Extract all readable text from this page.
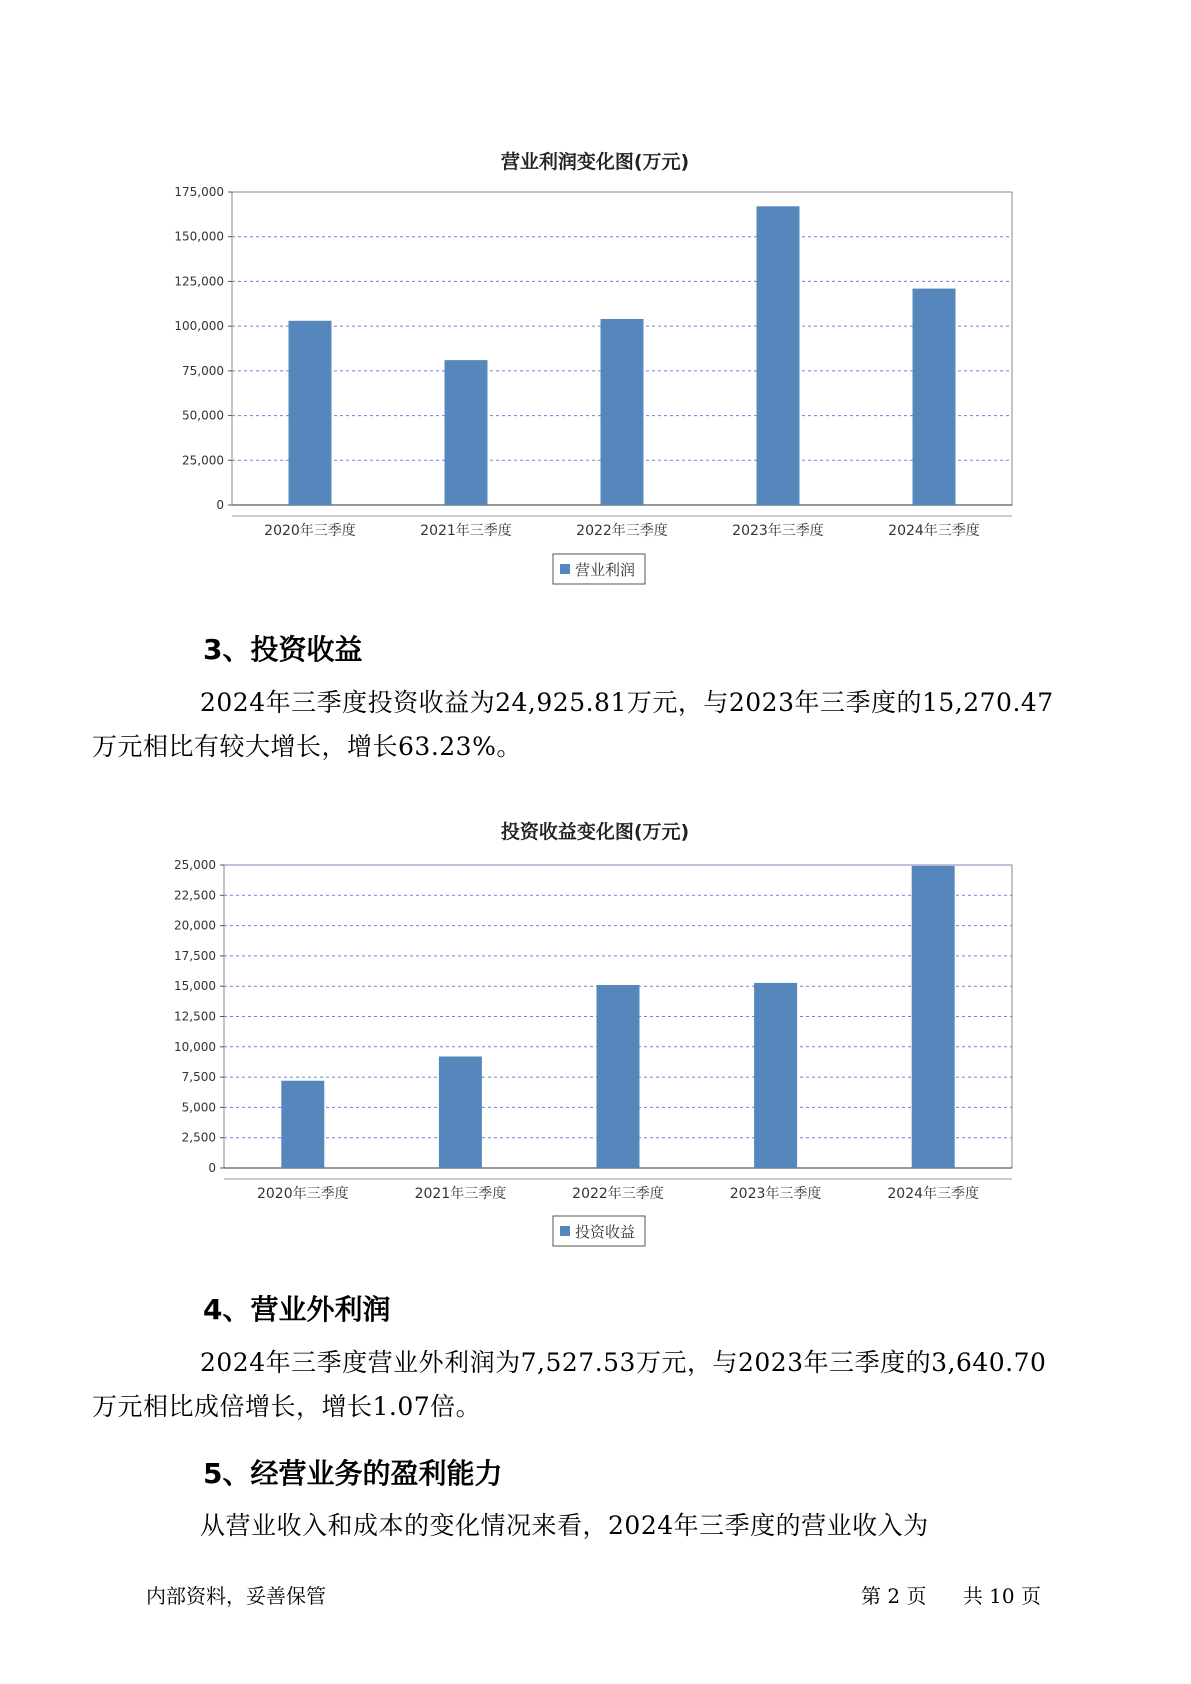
营业利润变化图(万元)
0
25,000
50,000
75,000
100,000
125,000
150,000
175,000
2020年三季度	2021年三季度	2022年三季度	2023年三季度	2024年三季度
营业利润
3、投资收益

2024年三季度投资收益为24,925.81万元，与2023年三季度的15,270.47
万元相比有较大增长，增长63.23%。

投资收益变化图(万元)
0
2,500
5,000
7,500
10,000
12,500
15,000
17,500
20,000
22,500
25,000
2020年三季度	2021年三季度	2022年三季度	2023年三季度	2024年三季度
投资收益
4、营业外利润

2024年三季度营业外利润为7,527.53万元，与2023年三季度的3,640.70
万元相比成倍增长，增长1.07倍。

5、经营业务的盈利能力

从营业收入和成本的变化情况来看，2024年三季度的营业收入为

内部资料，妥善保管	第 2 页 共 10 页
